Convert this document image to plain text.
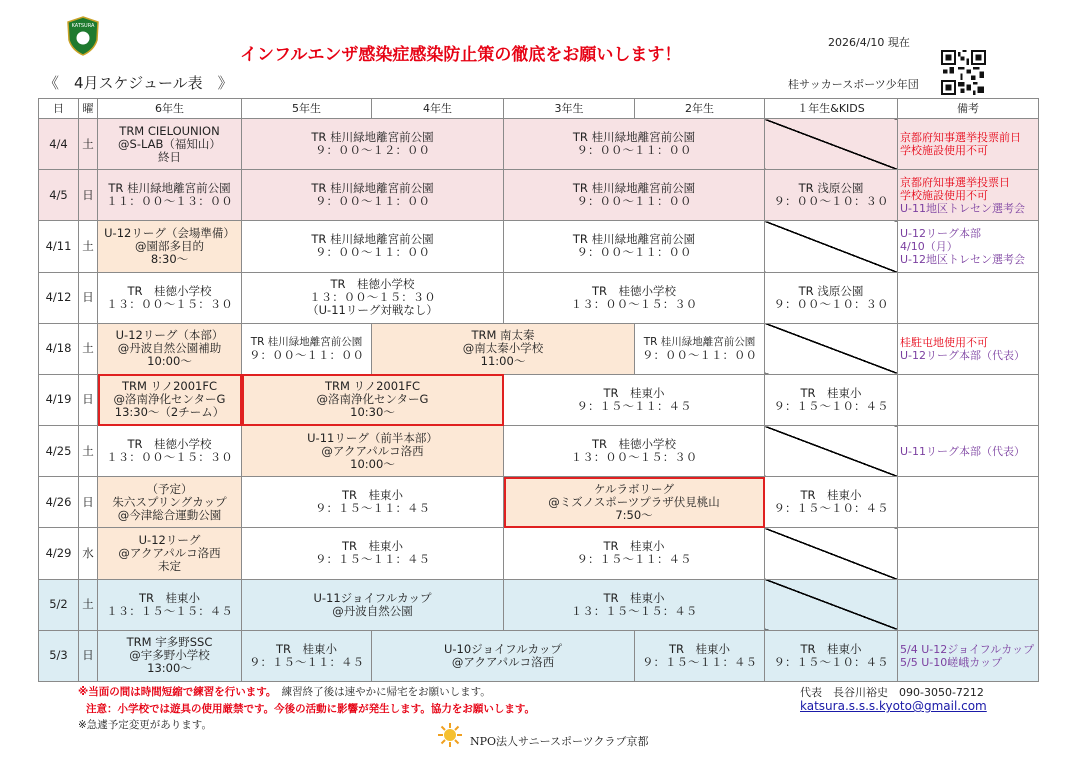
KATSURA
インフルエンザ感染症感染防止策の徹底をお願いします！
2026/4/10 現在
《　4月スケジュール表　》	桂サッカースポーツ少年団
日	曜	6年生	5年生	4年生	3年生	2年生	１年生&KIDS	備考
4/4	土	TRM CIELOUNION
@S-LAB（福知山）
終日	TR 桂川緑地離宮前公園
９：００～１２：００		TR 桂川緑地離宮前公園
９：００～１１：００			京都府知事選挙投票前日
学校施設使用不可

4/5	日	TR 桂川緑地離宮前公園
１１：００～１３：００	TR 桂川緑地離宮前公園
９：００～１１：００		TR 桂川緑地離宮前公園
９：００～１１：００		TR 浅原公園
９：００～１０：３０	京都府知事選挙投票日
学校施設使用不可
U-11地区トレセン選考会

4/11	土	U-12リーグ（会場準備）
@園部多目的
8:30～	TR 桂川緑地離宮前公園
９：００～１１：００		TR 桂川緑地離宮前公園
９：００～１１：００			U-12リーグ本部
4/10（月）
U-12地区トレセン選考会

4/12	日	TR　桂徳小学校
１３：００～１５：３０	TR　桂徳小学校
１３：００～１５：３０
（U-11リーグ対戦なし）		TR　桂徳小学校
１３：００～１５：３０		TR 浅原公園
９：００～１０：３０	

4/18	土	U-12リーグ（本部）
@丹波自然公園補助
10:00～	TR 桂川緑地離宮前公園
９：００～１１：００	TRM 南太秦
@南太秦小学校
11:00～		TR 桂川緑地離宮前公園
９：００～１１：００		桂駐屯地使用不可
U-12リーグ本部（代表）

4/19	日	TRM リノ2001FC
@洛南浄化センターG
13:30～（2チーム）	TRM リノ2001FC
@洛南浄化センターG
10:30～		TR　桂東小
９：１５～１１：４５		TR　桂東小
９：１５～１０：４５	

4/25	土	TR　桂徳小学校
１３：００～１５：３０	U-11リーグ（前半本部）
@アクアパルコ洛西
10:00～		TR　桂徳小学校
１３：００～１５：３０			U-11リーグ本部（代表）

4/26	日	（予定）
朱六スプリングカップ
@今津総合運動公園	TR　桂東小
９：１５～１１：４５		ケルラボリーグ
@ミズノスポーツプラザ伏見桃山
7:50～		TR　桂東小
９：１５～１０：４５	

4/29	水	U-12リーグ
@アクアパルコ洛西
未定	TR　桂東小
９：１５～１１：４５		TR　桂東小
９：１５～１１：４５			

5/2	土	TR　桂東小
１３：１５～１５：４５	U-11ジョイフルカップ
@丹波自然公園		TR　桂東小
１３：１５～１５：４５			

5/3	日	TRM 宇多野SSC
@宇多野小学校
13:00～	TR　桂東小
９：１５～１１：４５	U-10ジョイフルカップ
@アクアパルコ洛西		TR　桂東小
９：１５～１１：４５	TR　桂東小
９：１５～１０：４５	5/4 U-12ジョイフルカップ
5/5 U-10嵯峨カップ
※当面の間は時間短縮で練習を行います。　 練習終了後は速やかに帰宅をお願いします。
注意：小学校では遊具の使用厳禁です。今後の活動に影響が発生します。協力をお願いします。
※急遽予定変更があります。
代表　長谷川裕史　 090-3050-7212
katsura.s.s.s.kyoto@gmail.com
NPO法人サニースポーツクラブ京都
